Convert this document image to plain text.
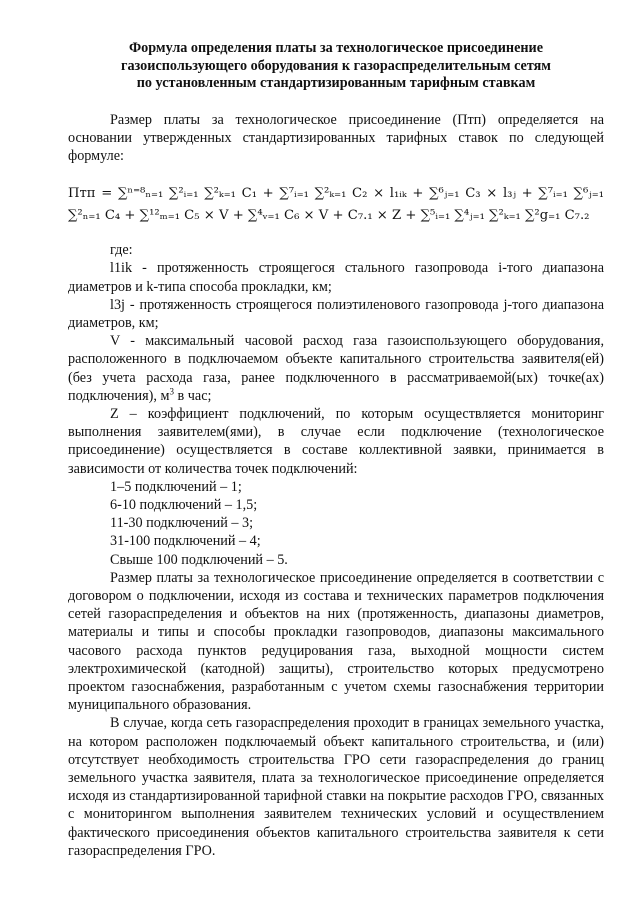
Формула определения платы за технологическое присоединение
газоиспользующего оборудования к газораспределительным сетям
по установленным стандартизированным тарифным ставкам

Размер платы за технологическое присоединение (Птп) определяется на основании утвержденных стандартизированных тарифных ставок по следующей формуле:

Птп = ∑ⁿ⁼⁸ₙ₌₁ ∑²ᵢ₌₁ ∑²ₖ₌₁ C₁ + ∑⁷ᵢ₌₁ ∑²ₖ₌₁ C₂ × l₁ᵢₖ + ∑⁶ⱼ₌₁ C₃ × l₃ⱼ + ∑⁷ᵢ₌₁ ∑⁶ⱼ₌₁ ∑²ₙ₌₁ C₄ + ∑¹²ₘ₌₁ C₅ × V + ∑⁴ᵥ₌₁ C₆ × V + C₇.₁ × Z + ∑⁵ᵢ₌₁ ∑⁴ⱼ₌₁ ∑²ₖ₌₁ ∑²g₌₁ C₇.₂

где:

l1ik - протяженность строящегося стального газопровода i-того диапазона диаметров и k-типа способа прокладки, км;

l3j - протяженность строящегося полиэтиленового газопровода j-того диапазона диаметров, км;

V - максимальный часовой расход газа газоиспользующего оборудования, расположенного в подключаемом объекте капитального строительства заявителя(ей) (без учета расхода газа, ранее подключенного в рассматриваемой(ых) точке(ах) подключения), $м^3$ в час;

Z – коэффициент подключений, по которым осуществляется мониторинг выполнения заявителем(ями), в случае если подключение (технологическое присоединение) осуществляется в составе коллективной заявки, принимается в зависимости от количества точек подключений:

1–5 подключений – 1;
6-10 подключений – 1,5;
11-30 подключений – 3;
31-100 подключений – 4;
Свыше 100 подключений – 5.

Размер платы за технологическое присоединение определяется в соответствии с договором о подключении, исходя из состава и технических параметров подключения сетей газораспределения и объектов на них (протяженность, диапазоны диаметров, материалы и типы и способы прокладки газопроводов, диапазоны максимального часового расхода пунктов редуцирования газа, выходной мощности систем электрохимической (катодной) защиты), строительство которых предусмотрено проектом газоснабжения, разработанным с учетом схемы газоснабжения территории муниципального образования.

В случае, когда сеть газораспределения проходит в границах земельного участка, на котором расположен подключаемый объект капитального строительства, и (или) отсутствует необходимость строительства ГРО сети газораспределения до границ земельного участка заявителя, плата за технологическое присоединение определяется исходя из стандартизированной тарифной ставки на покрытие расходов ГРО, связанных с мониторингом выполнения заявителем технических условий и осуществлением фактического присоединения объектов капитального строительства заявителя к сети газораспределения ГРО.
